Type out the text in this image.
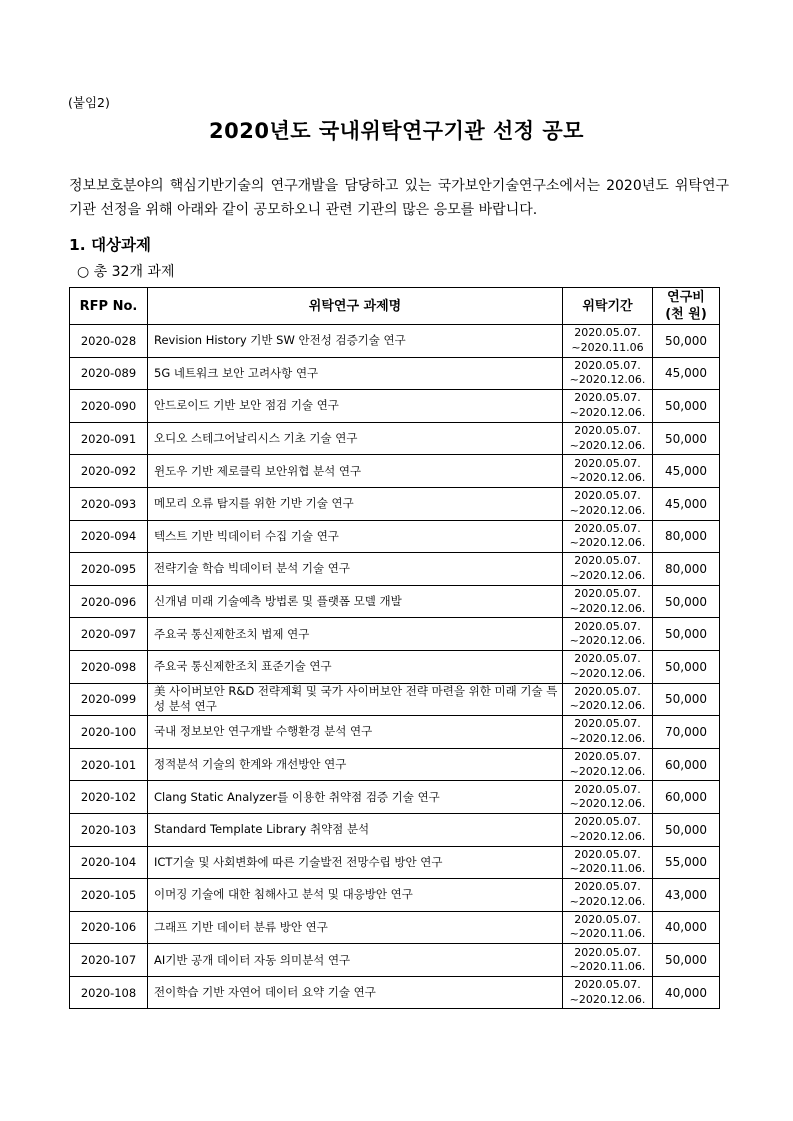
(붙임2)
2020년도 국내위탁연구기관 선정 공모
정보보호분야의 핵심기반기술의 연구개발을 담당하고 있는 국가보안기술연구소에서는 2020년도 위탁연구기관 선정을 위해 아래와 같이 공모하오니 관련 기관의 많은 응모를 바랍니다.
1. 대상과제
○ 총 32개 과제
RFP No.	위탁연구 과제명	위탁기간	연구비
(천 원)

2020-028	Revision History 기반 SW 안전성 검증기술 연구	2020.05.07.
~2020.11.06	50,000
2020-089	5G 네트워크 보안 고려사항 연구	2020.05.07.
~2020.12.06.	45,000
2020-090	안드로이드 기반 보안 점검 기술 연구	2020.05.07.
~2020.12.06.	50,000
2020-091	오디오 스테그어날리시스 기초 기술 연구	2020.05.07.
~2020.12.06.	50,000
2020-092	윈도우 기반 제로클릭 보안위협 분석 연구	2020.05.07.
~2020.12.06.	45,000
2020-093	메모리 오류 탐지를 위한 기반 기술 연구	2020.05.07.
~2020.12.06.	45,000
2020-094	텍스트 기반 빅데이터 수집 기술 연구	2020.05.07.
~2020.12.06.	80,000
2020-095	전략기술 학습 빅데이터 분석 기술 연구	2020.05.07.
~2020.12.06.	80,000
2020-096	신개념 미래 기술예측 방법론 및 플랫폼 모델 개발	2020.05.07.
~2020.12.06.	50,000
2020-097	주요국 통신제한조치 법제 연구	2020.05.07.
~2020.12.06.	50,000
2020-098	주요국 통신제한조치 표준기술 연구	2020.05.07.
~2020.12.06.	50,000
2020-099	美 사이버보안 R&D 전략계획 및 국가 사이버보안 전략 마련을 위한 미래 기술 특성 분석 연구	2020.05.07.
~2020.12.06.	50,000
2020-100	국내 정보보안 연구개발 수행환경 분석 연구	2020.05.07.
~2020.12.06.	70,000
2020-101	정적분석 기술의 한계와 개선방안 연구	2020.05.07.
~2020.12.06.	60,000
2020-102	Clang Static Analyzer를 이용한 취약점 검증 기술 연구	2020.05.07.
~2020.12.06.	60,000
2020-103	Standard Template Library 취약점 분석	2020.05.07.
~2020.12.06.	50,000
2020-104	ICT기술 및 사회변화에 따른 기술발전 전망수립 방안 연구	2020.05.07.
~2020.11.06.	55,000
2020-105	이머징 기술에 대한 침해사고 분석 및 대응방안 연구	2020.05.07.
~2020.12.06.	43,000
2020-106	그래프 기반 데이터 분류 방안 연구	2020.05.07.
~2020.11.06.	40,000
2020-107	AI기반 공개 데이터 자동 의미분석 연구	2020.05.07.
~2020.11.06.	50,000
2020-108	전이학습 기반 자연어 데이터 요약 기술 연구	2020.05.07.
~2020.12.06.	40,000
